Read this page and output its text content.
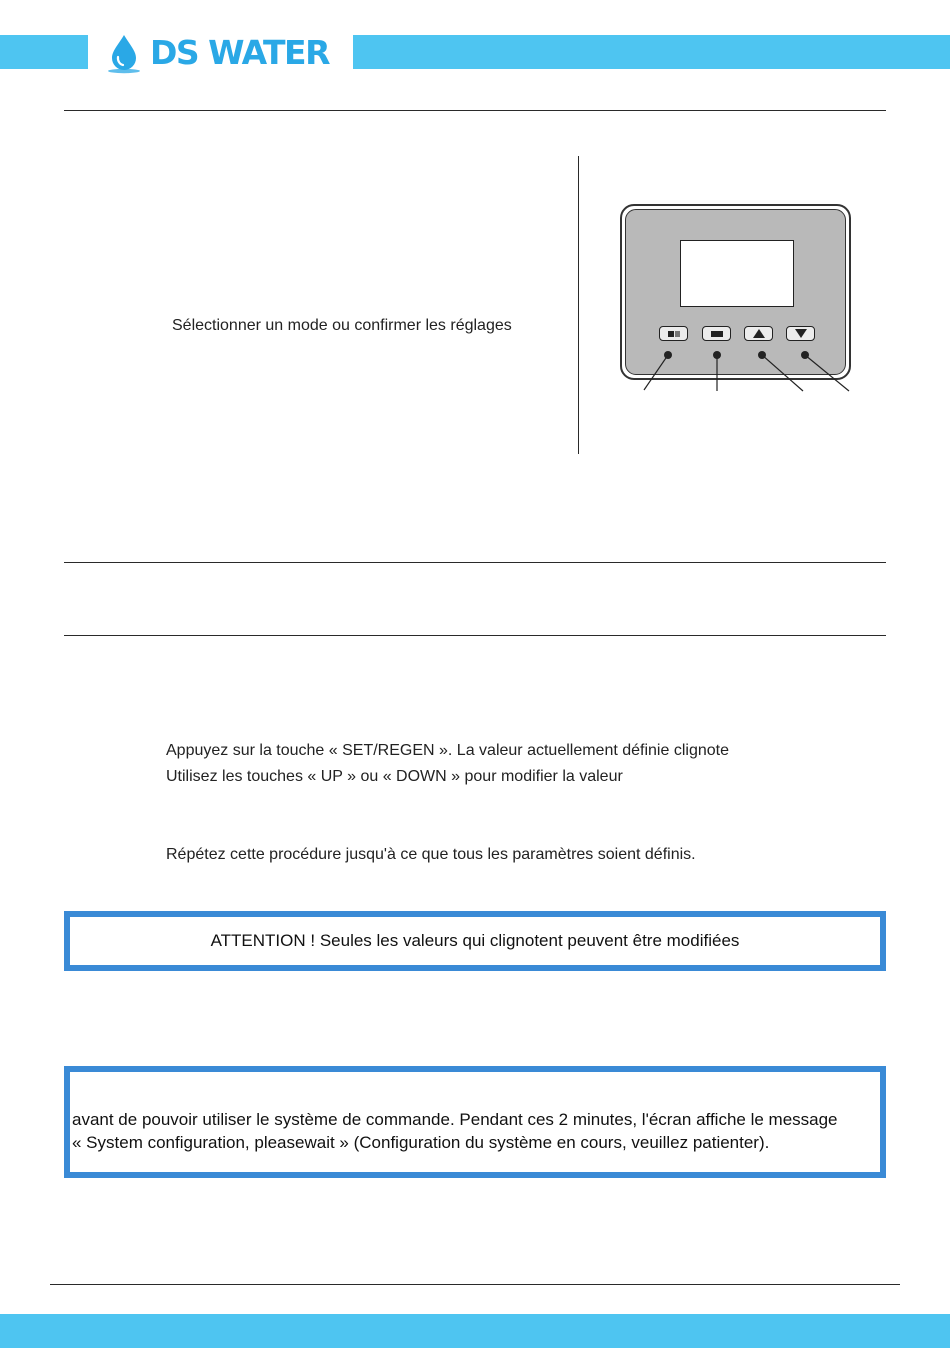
DS WATER
Sélectionner un mode ou confirmer les réglages
Appuyez sur la touche « SET/REGEN ». La valeur actuellement définie clignote
Utilisez les touches « UP » ou « DOWN » pour modifier la valeur
Répétez cette procédure jusqu'à ce que tous les paramètres soient définis.
ATTENTION ! Seules les valeurs qui clignotent peuvent être modifiées
avant de pouvoir utiliser le système de commande. Pendant ces 2 minutes, l'écran affiche le message
« System configuration, pleasewait » (Configuration du système en cours, veuillez patienter).
